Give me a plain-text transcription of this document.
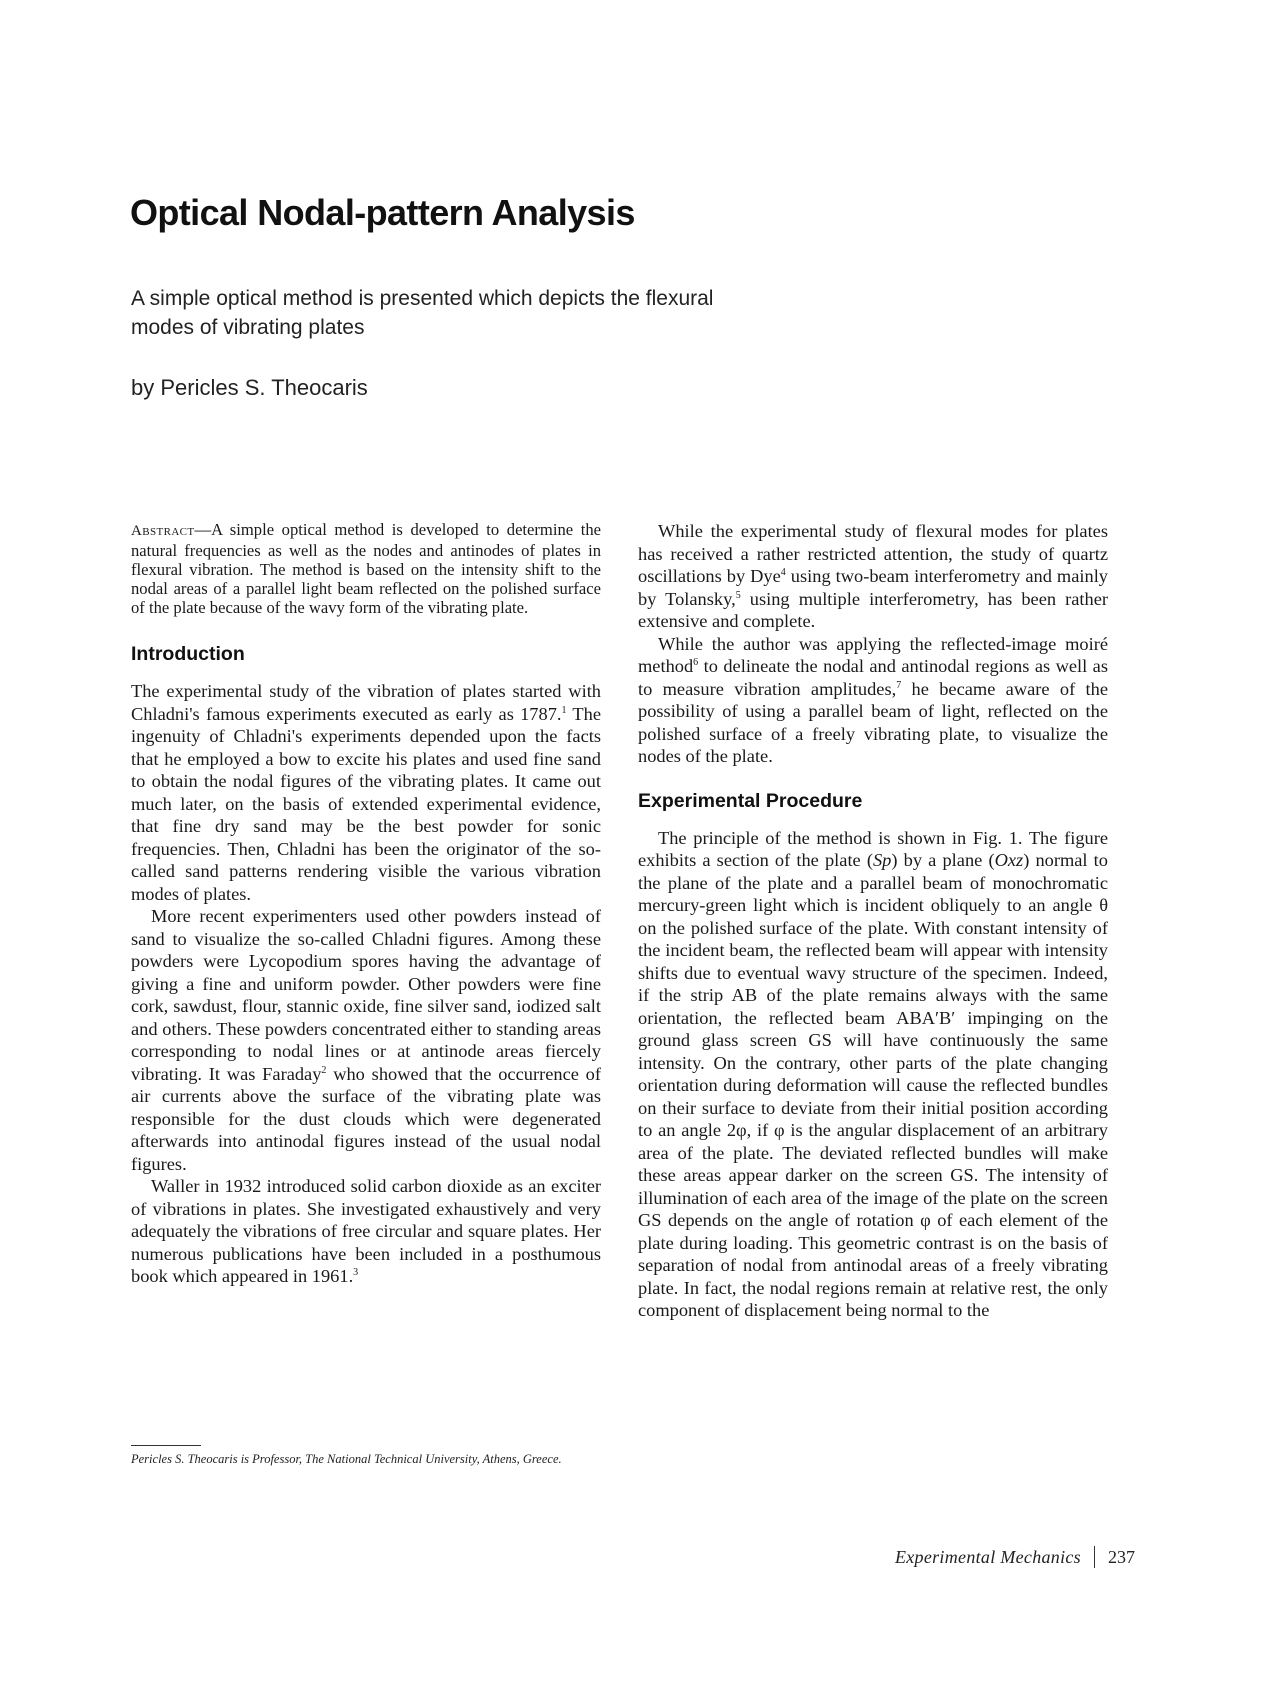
Optical Nodal-pattern Analysis

A simple optical method is presented which depicts the flexural modes of vibrating plates

by Pericles S. Theocaris

Abstract—A simple optical method is developed to determine the natural frequencies as well as the nodes and antinodes of plates in flexural vibration. The method is based on the intensity shift to the nodal areas of a parallel light beam reflected on the polished surface of the plate because of the wavy form of the vibrating plate.

Introduction

The experimental study of the vibration of plates started with Chladni's famous experiments executed as early as 1787.$^1$ The ingenuity of Chladni's experiments depended upon the facts that he employed a bow to excite his plates and used fine sand to obtain the nodal figures of the vibrating plates. It came out much later, on the basis of extended experimental evidence, that fine dry sand may be the best powder for sonic frequencies. Then, Chladni has been the originator of the so-called sand patterns rendering visible the various vibration modes of plates.

More recent experimenters used other powders instead of sand to visualize the so-called Chladni figures. Among these powders were Lycopodium spores having the advantage of giving a fine and uniform powder. Other powders were fine cork, sawdust, flour, stannic oxide, fine silver sand, iodized salt and others. These powders concentrated either to standing areas corresponding to nodal lines or at antinode areas fiercely vibrating. It was Faraday$^2$ who showed that the occurrence of air currents above the surface of the vibrating plate was responsible for the dust clouds which were degenerated afterwards into antinodal figures instead of the usual nodal figures.

Waller in 1932 introduced solid carbon dioxide as an exciter of vibrations in plates. She investigated exhaustively and very adequately the vibrations of free circular and square plates. Her numerous publications have been included in a posthumous book which appeared in 1961.$^3$

While the experimental study of flexural modes for plates has received a rather restricted attention, the study of quartz oscillations by Dye$^4$ using two-beam interferometry and mainly by Tolansky,$^5$ using multiple interferometry, has been rather extensive and complete.

While the author was applying the reflected-image moiré method$^6$ to delineate the nodal and antinodal regions as well as to measure vibration amplitudes,$^7$ he became aware of the possibility of using a parallel beam of light, reflected on the polished surface of a freely vibrating plate, to visualize the nodes of the plate.

Experimental Procedure

The principle of the method is shown in Fig. 1. The figure exhibits a section of the plate (Sp) by a plane (Oxz) normal to the plane of the plate and a parallel beam of monochromatic mercury-green light which is incident obliquely to an angle θ on the polished surface of the plate. With constant intensity of the incident beam, the reflected beam will appear with intensity shifts due to eventual wavy structure of the specimen. Indeed, if the strip AB of the plate remains always with the same orientation, the reflected beam ABA′B′ impinging on the ground glass screen GS will have continuously the same intensity. On the contrary, other parts of the plate changing orientation during deformation will cause the reflected bundles on their surface to deviate from their initial position according to an angle 2φ, if φ is the angular displacement of an arbitrary area of the plate. The deviated reflected bundles will make these areas appear darker on the screen GS. The intensity of illumination of each area of the image of the plate on the screen GS depends on the angle of rotation φ of each element of the plate during loading. This geometric contrast is on the basis of separation of nodal from antinodal areas of a freely vibrating plate. In fact, the nodal regions remain at relative rest, the only component of displacement being normal to the

Pericles S. Theocaris is Professor, The National Technical University, Athens, Greece.

Experimental Mechanics 237
